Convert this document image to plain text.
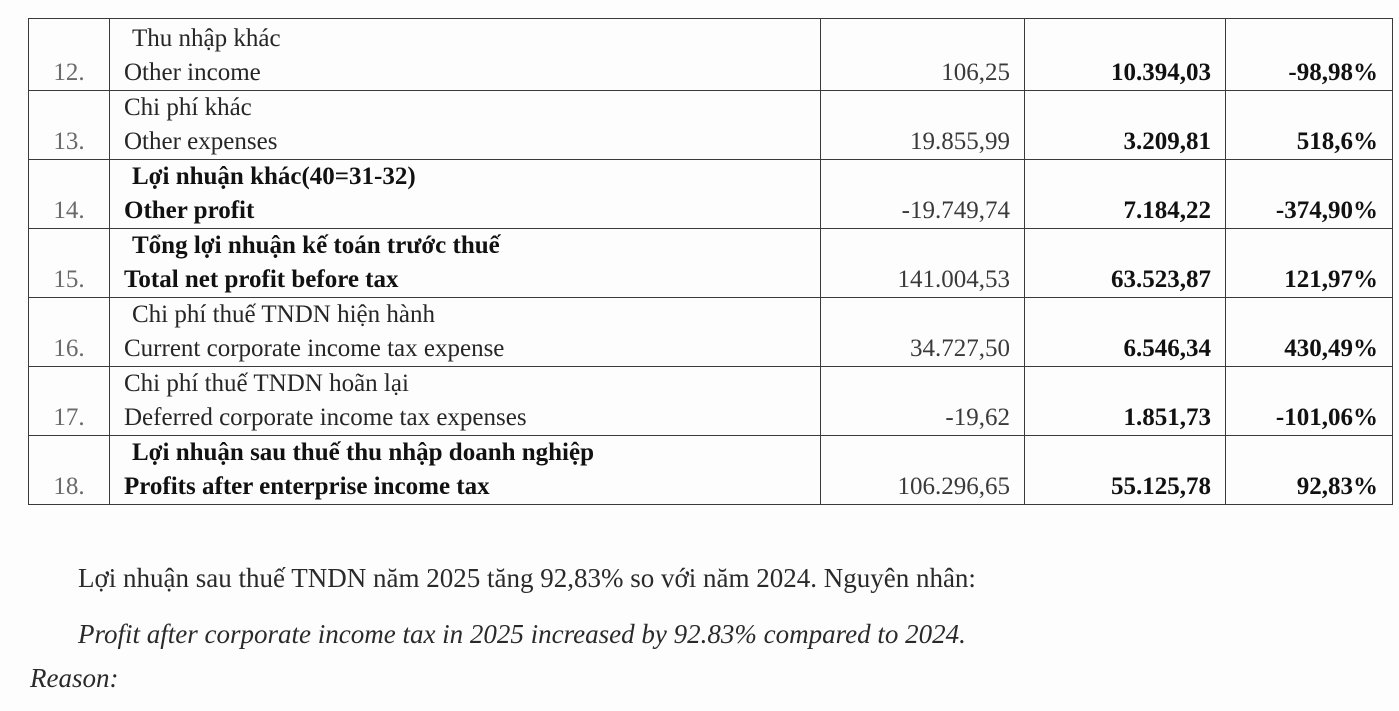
12.	Thu nhập khác
Other income	106,25	10.394,03	-98,98%
13.	Chi phí khác
Other expenses	19.855,99	3.209,81	518,6%
14.	Lợi nhuận khác(40=31-32)
Other profit	-19.749,74	7.184,22	-374,90%
15.	Tổng lợi nhuận kế toán trước thuế
Total net profit before tax	141.004,53	63.523,87	121,97%
16.	Chi phí thuế TNDN hiện hành
Current corporate income tax expense	34.727,50	6.546,34	430,49%
17.	Chi phí thuế TNDN hoãn lại
Deferred corporate income tax expenses	-19,62	1.851,73	-101,06%
18.	Lợi nhuận sau thuế thu nhập doanh nghiệp
Profits after enterprise income tax	106.296,65	55.125,78	92,83%
Lợi nhuận sau thuế TNDN năm 2025 tăng 92,83% so với năm 2024. Nguyên nhân:
Profit after corporate income tax in 2025 increased by 92.83% compared to 2024.
Reason:
